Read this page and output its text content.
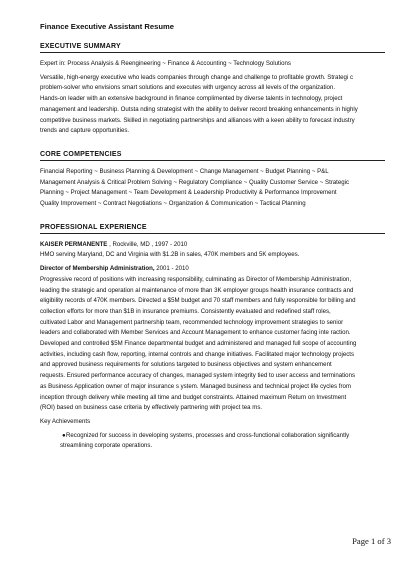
Finance Executive Assistant Resume
EXECUTIVE SUMMARY

Expert in: Process Analysis & Reengineering ~ Finance & Accounting ~ Technology Solutions

Versatile, high-energy executive who leads companies through change and challenge to profitable growth. Strategi c

problem-solver who envisions smart solutions and executes with urgency across all levels of the organization.

Hands-on leader with an extensive background in finance complimented by diverse talents in technology, project

management and leadership. Outsta nding strategist with the ability to deliver record breaking enhancements in highly

competitive business markets. Skilled in negotiating partnerships and alliances with a keen ability to forecast industry

trends and capture opportunities.

CORE COMPETENCIES

Financial Reporting ~ Business Planning & Development ~ Change Management ~ Budget Planning ~ P&L

Management Analysis & Critical Problem Solving ~ Regulatory Compliance ~ Quality Customer Service ~ Strategic

Planning ~ Project Management ~ Team Development & Leadership Productivity & Performance Improvement

Quality Improvement ~ Contract Negotiations ~ Organization & Communication ~ Tactical Planning

PROFESSIONAL EXPERIENCE

KAISER PERMANENTE , Rockville, MD , 1997 - 2010

HMO serving Maryland, DC and Virginia with $1.2B in sales, 470K members and 5K employees.

Director of Membership Administration, 2001 - 2010

Progressive record of positions with increasing responsibility, culminating as Director of Membership Administration,

leading the strategic and operation al maintenance of more than 3K employer groups health insurance contracts and

eligibility records of 470K members. Directed a $5M budget and 70 staff members and fully responsible for billing and

collection efforts for more than $1B in insurance premiums. Consistently evaluated and redefined staff roles,

cultivated Labor and Management partnership team, recommended technology improvement strategies to senior

leaders and collaborated with Member Services and Account Management to enhance customer facing inte raction.

Developed and controlled $5M Finance departmental budget and administered and managed full scope of accounting

activities, including cash flow, reporting, internal controls and change initiatives. Facilitated major technology projects

and approved business requirements for solutions targeted to business objectives and system enhancement

requests. Ensured performance accuracy of changes, managed system integrity tied to user access and terminations

as Business Application owner of major insurance s ystem. Managed business and technical project life cycles from

inception through delivery while meeting all time and budget constraints. Attained maximum Return on Investment

(ROI) based on business case criteria by effectively partnering with project tea ms.

Key Achievements

● Recognized for success in developing systems, processes and cross-functional collaboration significantly

streamlining corporate operations.

Page 1 of 3
